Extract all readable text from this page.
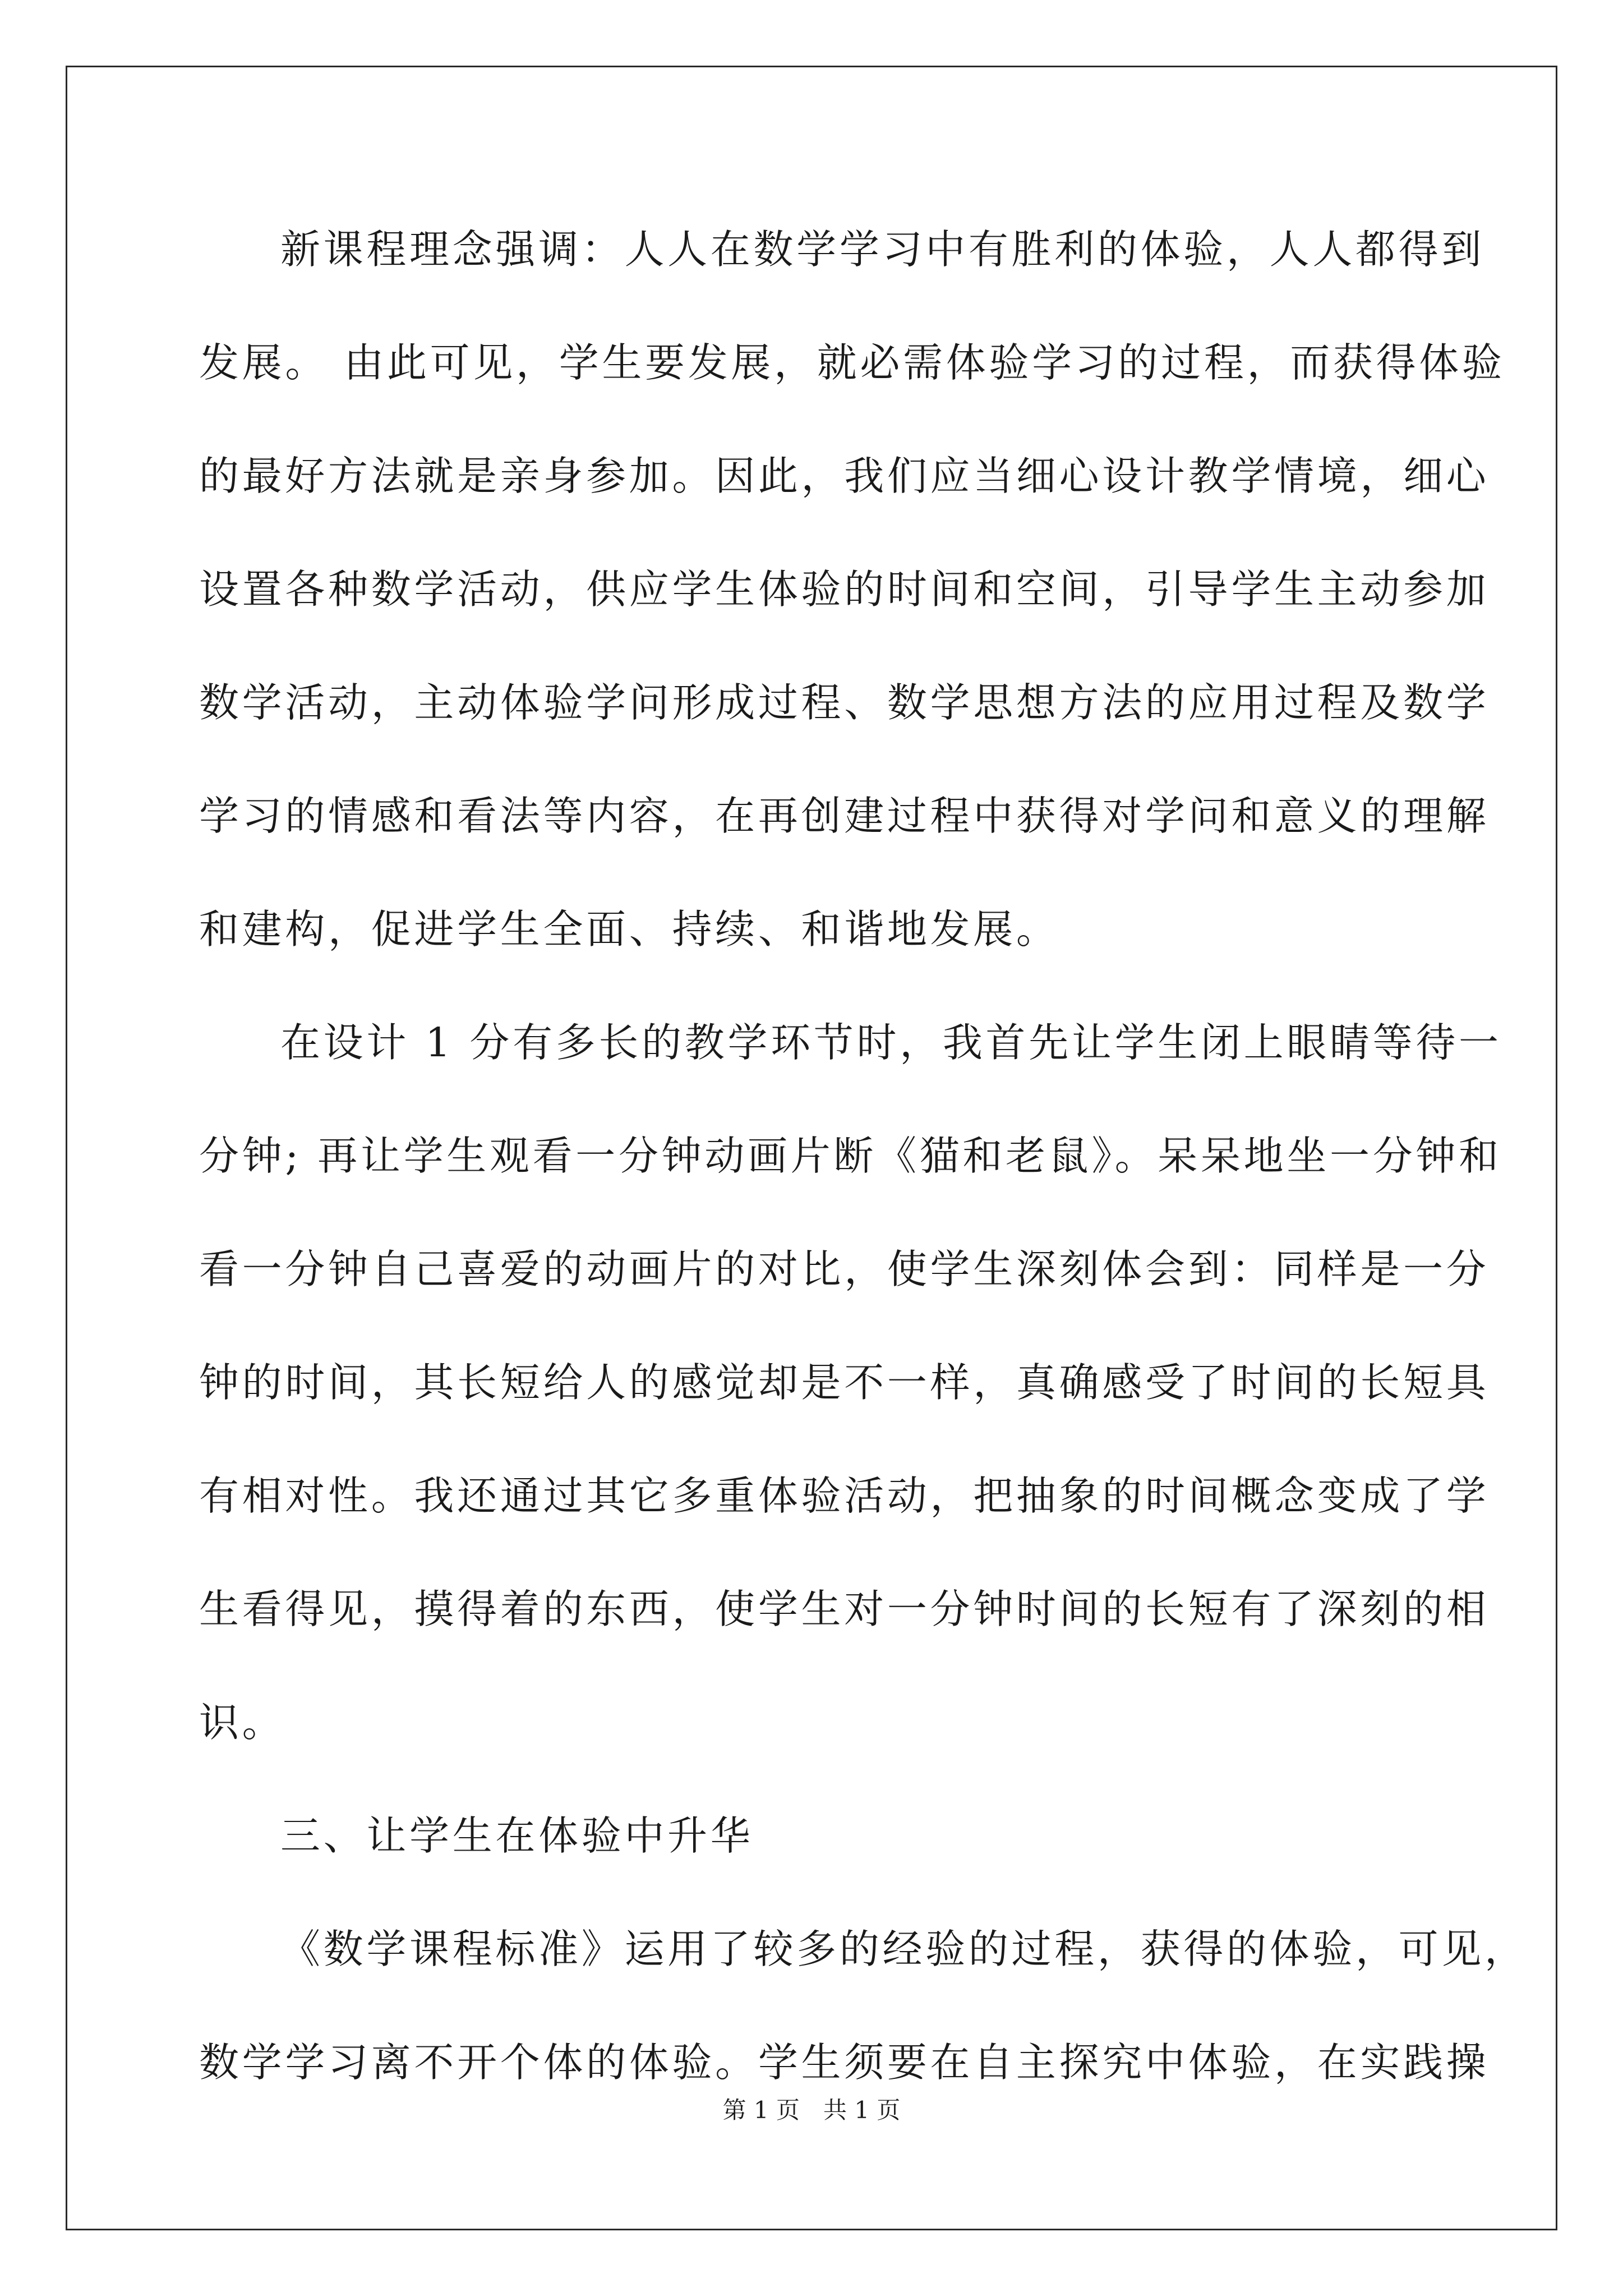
新课程理念强调：人人在数学学习中有胜利的体验，人人都得到
发展。 由此可见，学生要发展，就必需体验学习的过程，而获得体验
的最好方法就是亲身参加。因此，我们应当细心设计教学情境，细心
设置各种数学活动，供应学生体验的时间和空间，引导学生主动参加
数学活动，主动体验学问形成过程、数学思想方法的应用过程及数学
学习的情感和看法等内容，在再创建过程中获得对学问和意义的理解
和建构，促进学生全面、持续、和谐地发展。
在设计 1 分有多长的教学环节时，我首先让学生闭上眼睛等待一
分钟; 再让学生观看一分钟动画片断《猫和老鼠》。呆呆地坐一分钟和
看一分钟自己喜爱的动画片的对比，使学生深刻体会到：同样是一分
钟的时间，其长短给人的感觉却是不一样，真确感受了时间的长短具
有相对性。我还通过其它多重体验活动，把抽象的时间概念变成了学
生看得见，摸得着的东西，使学生对一分钟时间的长短有了深刻的相
识。
三、让学生在体验中升华
《数学课程标准》运用了较多的经验的过程，获得的体验，可见，
数学学习离不开个体的体验。学生须要在自主探究中体验，在实践操
第 1 页　共 1 页
